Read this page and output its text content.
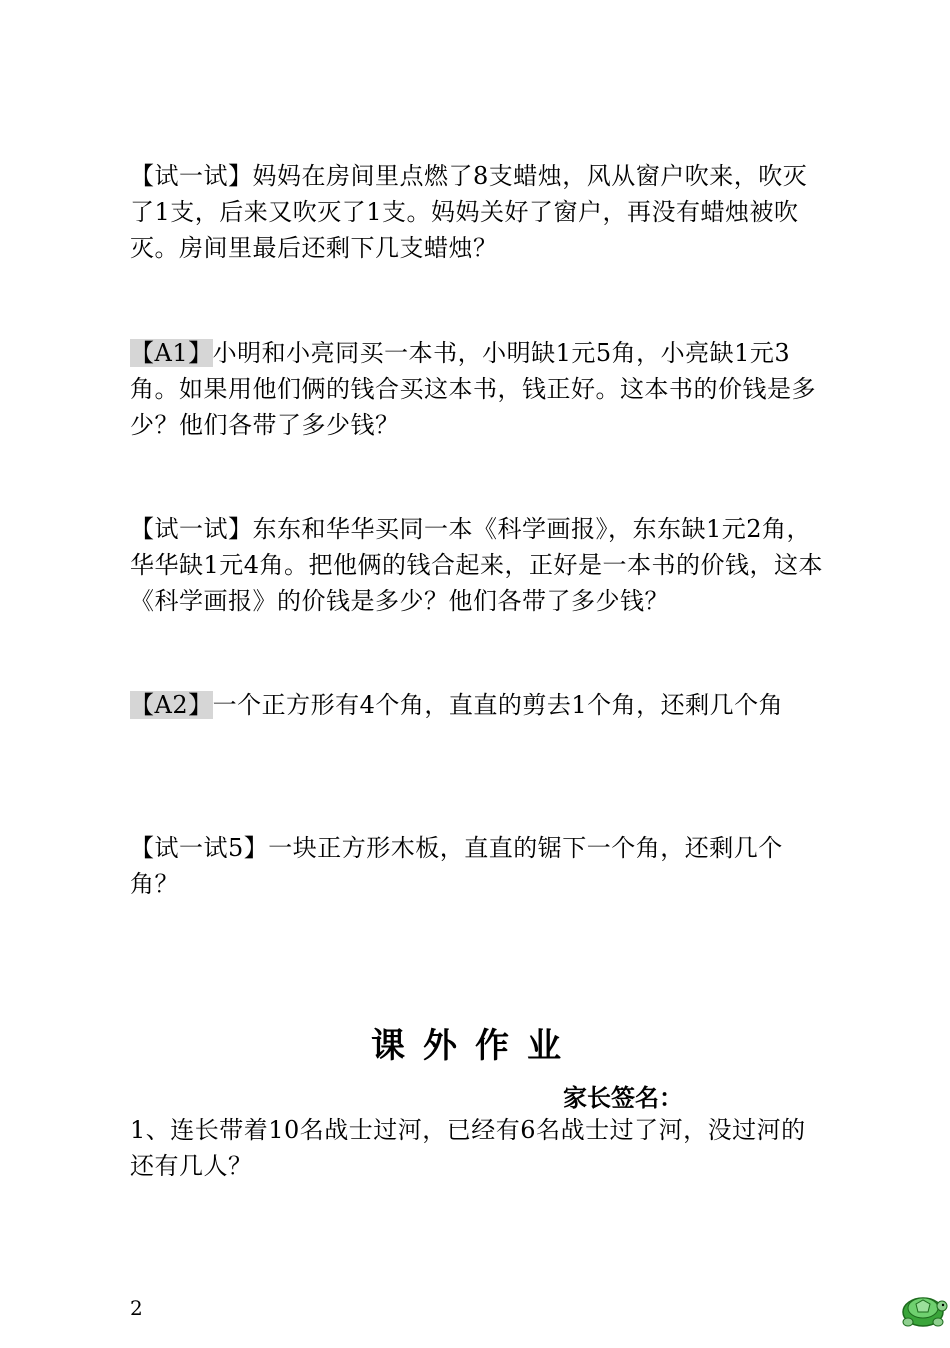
【试一试】妈妈在房间里点燃了8支蜡烛，风从窗户吹来，吹灭了1支，后来又吹灭了1支。妈妈关好了窗户，再没有蜡烛被吹灭。房间里最后还剩下几支蜡烛？
【A1】小明和小亮同买一本书，小明缺1元5角，小亮缺1元3角。如果用他们俩的钱合买这本书，钱正好。这本书的价钱是多少？他们各带了多少钱？
【试一试】东东和华华买同一本《科学画报》，东东缺1元2角，华华缺1元4角。把他俩的钱合起来，正好是一本书的价钱，这本《科学画报》的价钱是多少？他们各带了多少钱？
【A2】一个正方形有4个角，直直的剪去1个角，还剩几个角
【试一试5】一块正方形木板，直直的锯下一个角，还剩几个角？
课外作业
家长签名：
1、连长带着10名战士过河，已经有6名战士过了河，没过河的还有几人？
2
